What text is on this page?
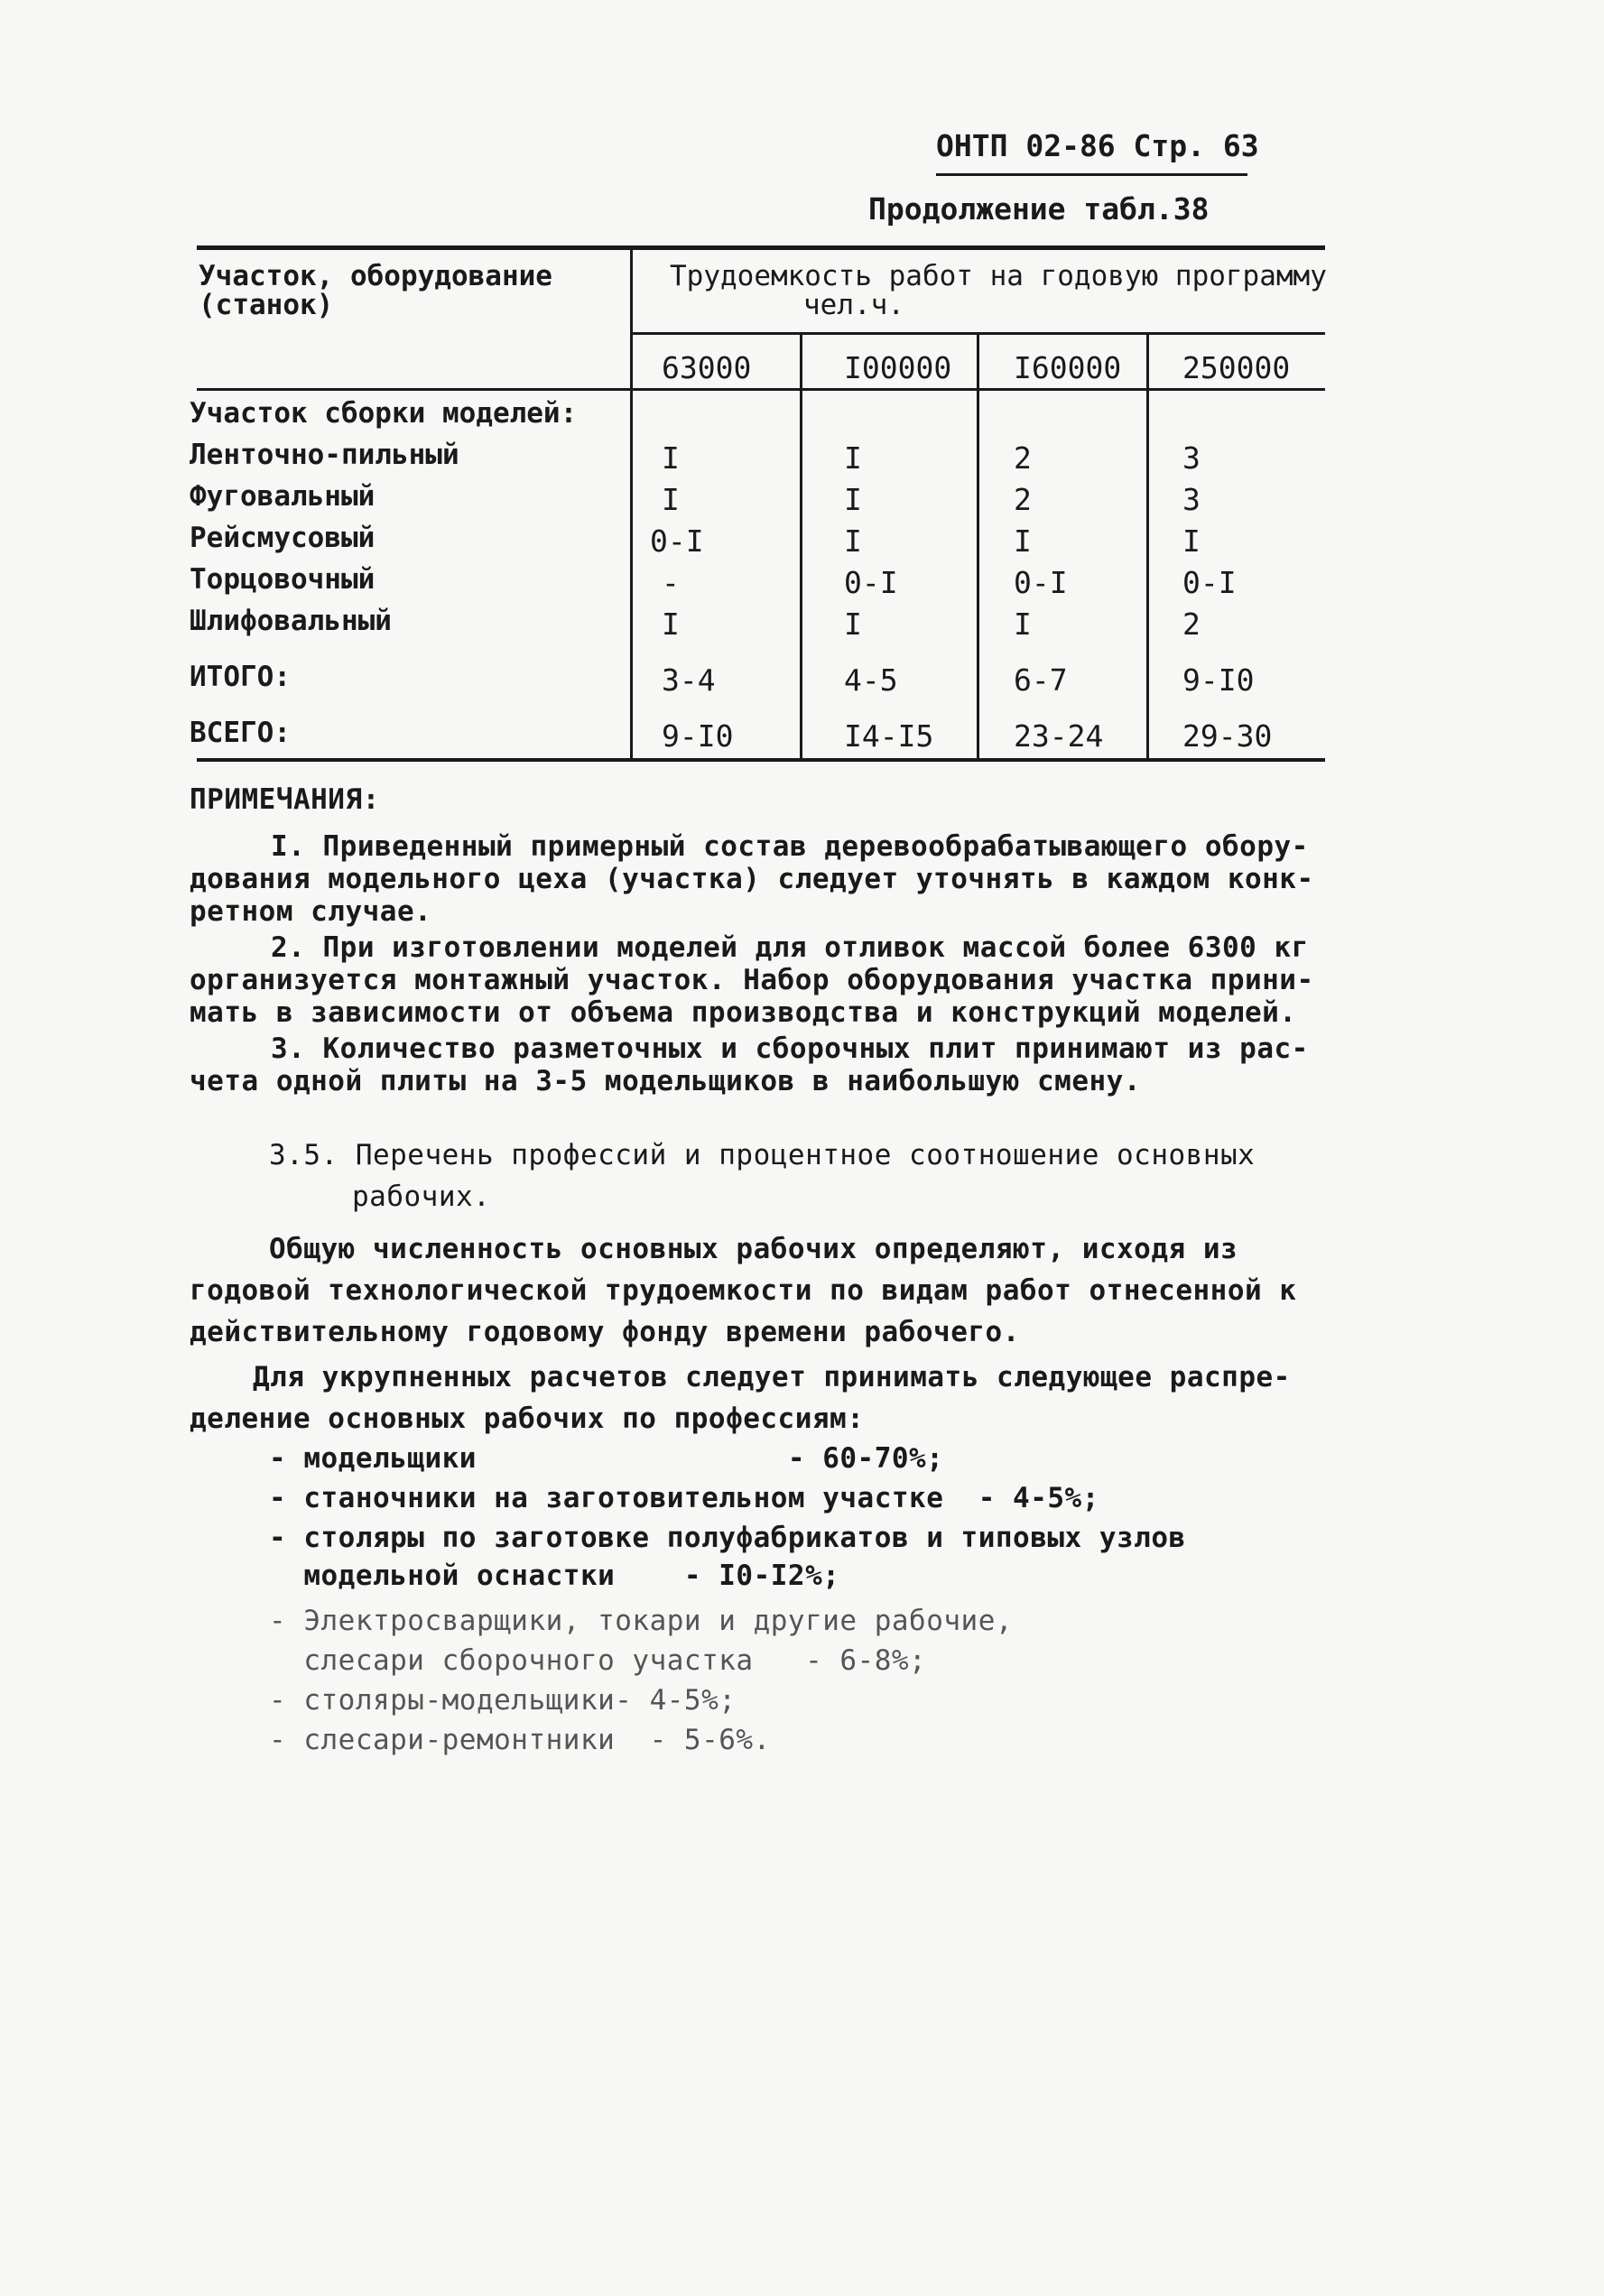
ОНТП 02-86 Стр. 63
Продолжение табл.38
Участок, оборудование
(станок)
Трудоемкость работ на годовую программу
чел.ч.
63000	I00000 I60000 250000
Участок сборки моделей:
Ленточно-пильный	I	I	2	3
Фуговальный	I	I	2	3
Рейсмусовый	0-I	I	I	I
Торцовочный	-	0-I	0-I	0-I
Шлифовальный	I	I	I	2
ИТОГО:	3-4	4-5	6-7	9-I0
ВСЕГО:	9-I0	I4-I5	23-24	29-30
ПРИМЕЧАНИЯ:
I. Приведенный примерный состав деревообрабатывающего обору-
дования модельного цеха (участка) следует уточнять в каждом конк-
ретном случае.
2. При изготовлении моделей для отливок массой более 6300 кг
организуется монтажный участок. Набор оборудования участка прини-
мать в зависимости от объема производства и конструкций моделей.
3. Количество разметочных и сборочных плит принимают из рас-
чета одной плиты на 3-5 модельщиков в наибольшую смену.
3.5. Перечень профессий и процентное соотношение основных
рабочих.
Общую численность основных рабочих определяют, исходя из
годовой технологической трудоемкости по видам работ отнесенной к
действительному годовому фонду времени рабочего.
Для укрупненных расчетов следует принимать следующее распре-
деление основных рабочих по профессиям:
- модельщики                  - 60-70%;
- станочники на заготовительном участке  - 4-5%;
- столяры по заготовке полуфабрикатов и типовых узлов
модельной оснастки    - I0-I2%;
- Электросварщики, токари и другие рабочие,
слесари сборочного участка   - 6-8%;
- столяры-модельщики- 4-5%;
- слесари-ремонтники  - 5-6%.
